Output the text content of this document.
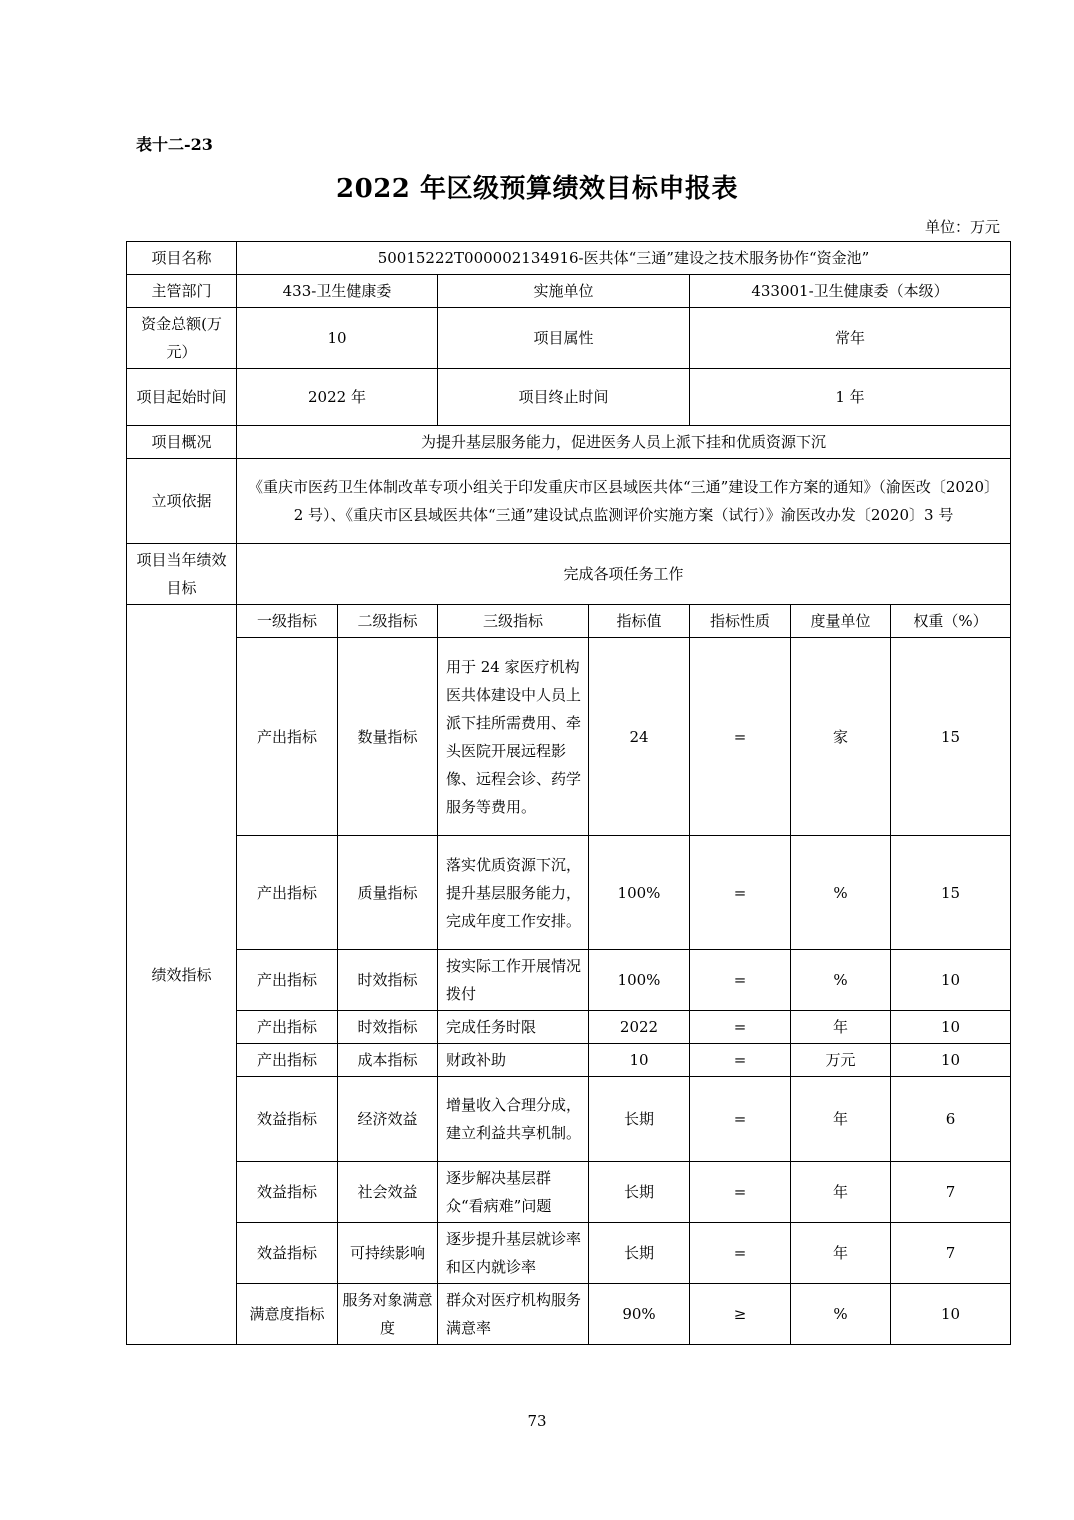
表十二-23
2022 年区级预算绩效目标申报表
单位：万元
项目名称	50015222T000002134916-医共体“三通”建设之技术服务协作“资金池”						
主管部门	433-卫生健康委		实施单位		433001-卫生健康委（本级）		
资金总额(万元）	10		项目属性		常年		
项目起始时间	2022 年		项目终止时间		1 年		
项目概况	为提升基层服务能力，促进医务人员上派下挂和优质资源下沉						
立项依据	《重庆市医药卫生体制改革专项小组关于印发重庆市区县域医共体“三通”建设工作方案的通知》（渝医改〔2020〕2 号）、《重庆市区县域医共体“三通”建设试点监测评价实施方案（试行）》渝医改办发〔2020〕3 号						
项目当年绩效目标	完成各项任务工作						
绩效指标	一级指标	二级指标	三级指标	指标值	指标性质	度量单位	权重（%）
	产出指标	数量指标	用于 24 家医疗机构医共体建设中人员上派下挂所需费用、牵头医院开展远程影像、远程会诊、药学服务等费用。	24	=	家	15
	产出指标	质量指标	落实优质资源下沉，提升基层服务能力，完成年度工作安排。	100%	=	%	15
	产出指标	时效指标	按实际工作开展情况拨付	100%	=	%	10
	产出指标	时效指标	完成任务时限	2022	=	年	10
	产出指标	成本指标	财政补助	10	=	万元	10
	效益指标	经济效益	增量收入合理分成，建立利益共享机制。	长期	=	年	6
	效益指标	社会效益	逐步解决基层群众“看病难”问题	长期	=	年	7
	效益指标	可持续影响	逐步提升基层就诊率和区内就诊率	长期	=	年	7
	满意度指标	服务对象满意度	群众对医疗机构服务满意率	90%	≥	%	10
73
